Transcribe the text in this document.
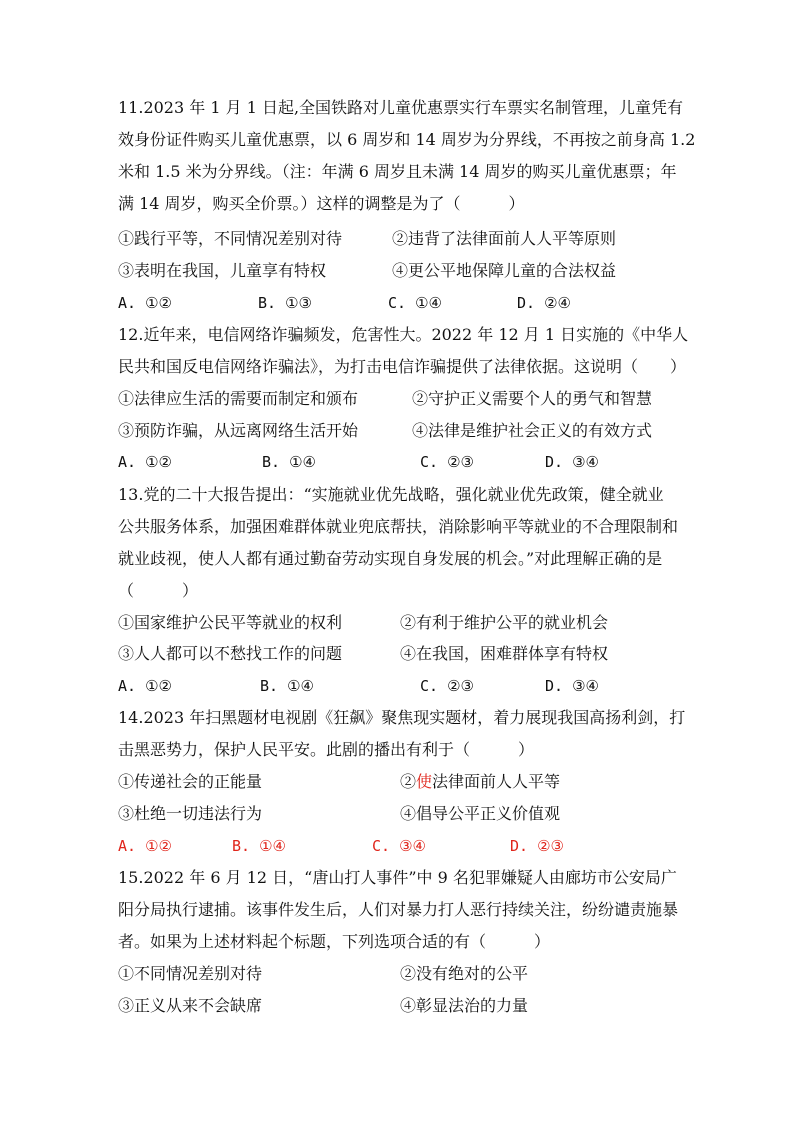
11.2023 年 1 月 1 日起,全国铁路对儿童优惠票实行车票实名制管理，儿童凭有
效身份证件购买儿童优惠票，以 6 周岁和 14 周岁为分界线，不再按之前身高 1.2
米和 1.5 米为分界线。（注：年满 6 周岁且未满 14 周岁的购买儿童优惠票；年
满 14 周岁，购买全价票。）这样的调整是为了（　　　）
①践行平等，不同情况差别对待	②违背了法律面前人人平等原则
③表明在我国，儿童享有特权	④更公平地保障儿童的合法权益
A. ①②	B. ①③	C. ①④	D. ②④
12.近年来，电信网络诈骗频发，危害性大。2022 年 12 月 1 日实施的《中华人
民共和国反电信网络诈骗法》，为打击电信诈骗提供了法律依据。这说明（　　）
①法律应生活的需要而制定和颁布	②守护正义需要个人的勇气和智慧
③预防诈骗，从远离网络生活开始	④法律是维护社会正义的有效方式
A. ①②	B. ①④	C. ②③	D. ③④
13.党的二十大报告提出：“实施就业优先战略，强化就业优先政策，健全就业
公共服务体系，加强困难群体就业兜底帮扶，消除影响平等就业的不合理限制和
就业歧视，使人人都有通过勤奋劳动实现自身发展的机会。”对此理解正确的是
（　　　）
①国家维护公民平等就业的权利	②有利于维护公平的就业机会
③人人都可以不愁找工作的问题	④在我国，困难群体享有特权
A. ①②	B. ①④	C. ②③	D. ③④
14.2023 年扫黑题材电视剧《狂飙》聚焦现实题材，着力展现我国高扬利剑，打
击黑恶势力，保护人民平安。此剧的播出有利于（　　　）
①传递社会的正能量	②使法律面前人人平等
③杜绝一切违法行为	④倡导公平正义价值观
A. ①②	B. ①④	C. ③④	D. ②③
15.2022 年 6 月 12 日，“唐山打人事件”中 9 名犯罪嫌疑人由廊坊市公安局广
阳分局执行逮捕。该事件发生后，人们对暴力打人恶行持续关注，纷纷谴责施暴
者。如果为上述材料起个标题，下列选项合适的有（　　　）
①不同情况差别对待	②没有绝对的公平
③正义从来不会缺席	④彰显法治的力量
